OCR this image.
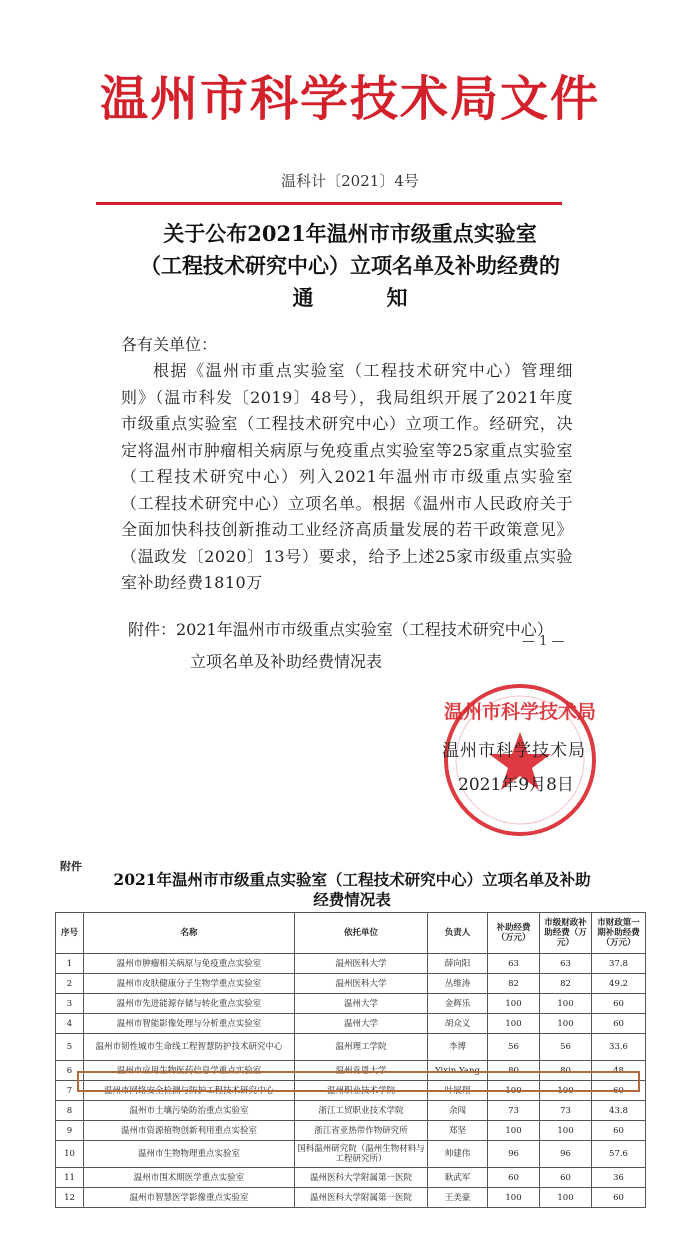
温州市科学技术局文件
温科计〔2021〕4号
关于公布2021年温州市市级重点实验室
（工程技术研究中心）立项名单及补助经费的
通　知
各有关单位：
根据《温州市重点实验室（工程技术研究中心）管理细则》（温市科发〔2019〕48号），我局组织开展了2021年度市级重点实验室（工程技术研究中心）立项工作。经研究，决定将温州市肿瘤相关病原与免疫重点实验室等25家重点实验室（工程技术研究中心）列入2021年温州市市级重点实验室（工程技术研究中心）立项名单。根据《温州市人民政府关于全面加快科技创新推动工业经济高质量发展的若干政策意见》（温政发〔2020〕13号）要求，给予上述25家市级重点实验室补助经费1810万
附件：2021年温州市市级重点实验室（工程技术研究中心）
立项名单及补助经费情况表
— 1 —
温州市科学技术局
温州市科学技术局
2021年9月8日
附件
2021年温州市市级重点实验室（工程技术研究中心）立项名单及补助
经费情况表
序号	名称	依托单位	负责人	补助经费（万元）	市级财政补助经费（万元）	市财政第一期补助经费（万元）
1	温州市肿瘤相关病原与免疫重点实验室	温州医科大学	薛向阳	63	63	37.8
2	温州市皮肤健康分子生物学重点实验室	温州医科大学	丛维涛	82	82	49.2
3	温州市先进能源存储与转化重点实验室	温州大学	金辉乐	100	100	60
4	温州市智能影像处理与分析重点实验室	温州大学	胡众义	100	100	60
5	温州市韧性城市生命线工程智慧防护技术研究中心	温州理工学院	李博	56	56	33.6
6	温州市应用生物医药信息学重点实验室	温州肯恩大学	Yixin Yang	80	80	48
7	温州市网络安全检测与防护工程技术研究中心	温州职业技术学院	叶展翔	100	100	60
8	温州市土壤污染防治重点实验室	浙江工贸职业技术学院	余闯	73	73	43.8
9	温州市资源植物创新利用重点实验室	浙江省亚热带作物研究所	郑坚	100	100	60
10	温州市生物物理重点实验室	国科温州研究院（温州生物材料与工程研究所）	帅建伟	96	96	57.6
11	温州市围术期医学重点实验室	温州医科大学附属第一医院	耿武军	60	60	36
12	温州市智慧医学影像重点实验室	温州医科大学附属第一医院	王美豪	100	100	60
